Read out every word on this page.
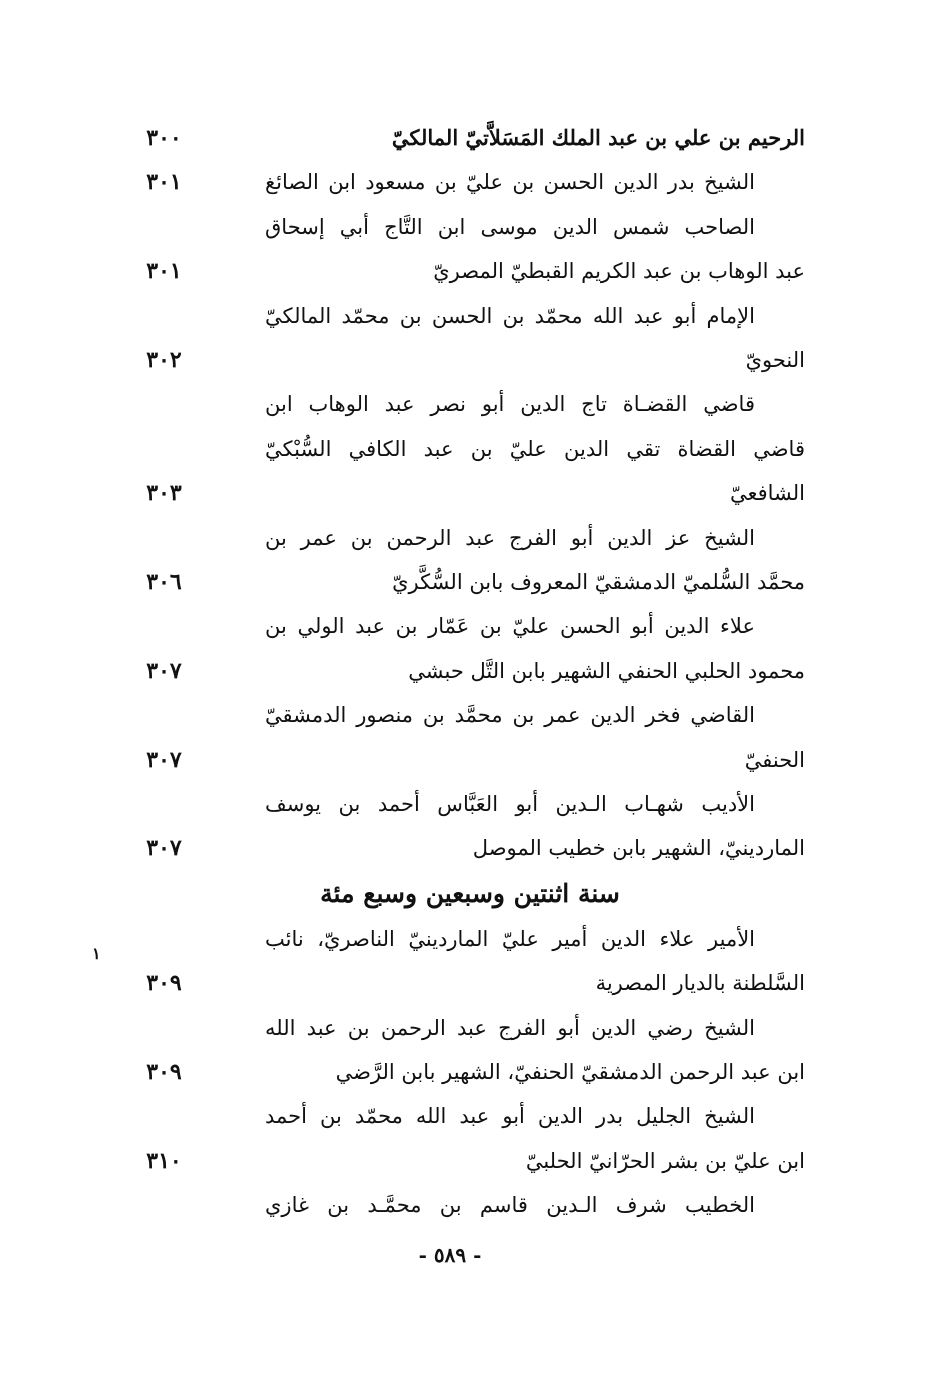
الرحيم بن علي بن عبد الملك المَسَلاَّتيّ المالكيّ
الشيخ بدر الدين الحسن بن عليّ بن مسعود ابن الصائغ
الصاحب شمس الدين موسى ابن التَّاج أبي إسحاق
عبد الوهاب بن عبد الكريم القبطيّ المصريّ
الإمام أبو عبد الله محمّد بن الحسن بن محمّد المالكيّ
النحويّ
قاضي القضـاة تاج الدين أبو نصر عبد الوهاب ابن
قاضي القضاة تقي الدين عليّ بن عبد الكافي السُّبْكيّ
الشافعيّ
الشيخ عز الدين أبو الفرج عبد الرحمن بن عمر بن
محمَّد السُّلميّ الدمشقيّ المعروف بابن السُّكَّريّ
علاء الدين أبو الحسن عليّ بن عَمّار بن عبد الولي بن
محمود الحلبي الحنفي الشهير بابن التَّل حبشي
القاضي فخر الدين عمر بن محمَّد بن منصور الدمشقيّ
الحنفيّ
الأديب شهـاب الـدين أبو العَبَّاس أحمد بن يوسف
الماردينيّ، الشهير بابن خطيب الموصل
الأمير علاء الدين أمير عليّ الماردينيّ الناصريّ، نائب
السَّلطنة بالديار المصرية
الشيخ رضي الدين أبو الفرج عبد الرحمن بن عبد الله
ابن عبد الرحمن الدمشقيّ الحنفيّ، الشهير بابن الرَّضي
الشيخ الجليل بدر الدين أبو عبد الله محمّد بن أحمد
ابن عليّ بن بشر الحرّانيّ الحلبيّ
الخطيب شرف الـدين قاسم بن محمَّـد بن غازي
٣٠٠
٣٠١
٣٠١
٣٠٢
٣٠٣
٣٠٦
٣٠٧
٣٠٧
٣٠٧
٣٠٩
٣٠٩
٣١٠
سنة اثنتين وسبعين وسبع مئة
١
- ٥٨٩ -
